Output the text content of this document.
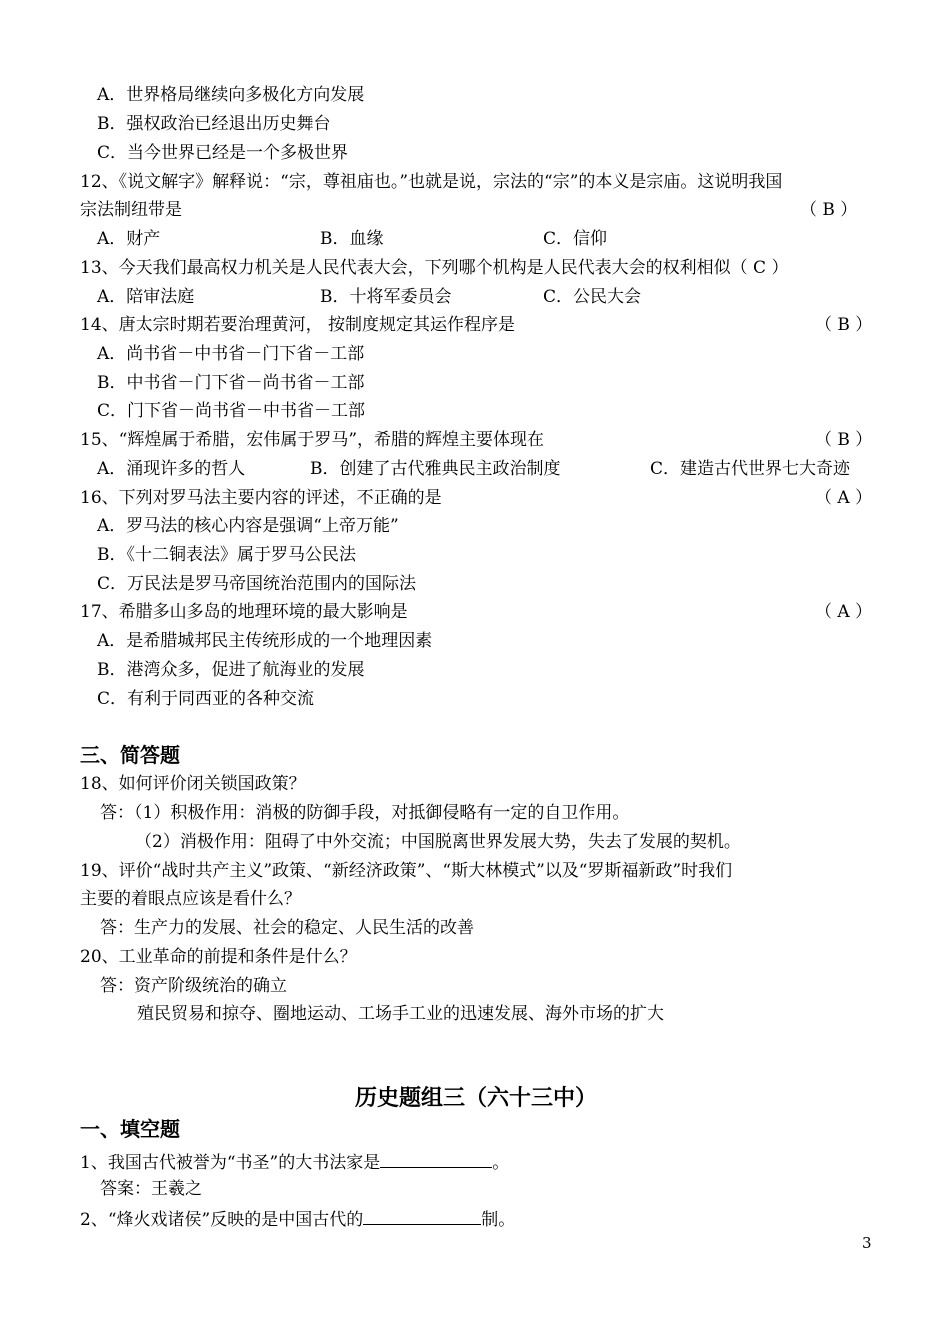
A．世界格局继续向多极化方向发展
B．强权政治已经退出历史舞台
C．当今世界已经是一个多极世界
12、《说文解字》解释说：“宗，尊祖庙也。”也就是说，宗法的“宗”的本义是宗庙。这说明我国
宗法制纽带是	（ B ）
A．财产	B．血缘	C．信仰
13、今天我们最高权力机关是人民代表大会，下列哪个机构是人民代表大会的权利相似（ C ）
A．陪审法庭	B．十将军委员会	C．公民大会
14、唐太宗时期若要治理黄河， 按制度规定其运作程序是	（ B ）
A．尚书省－中书省－门下省－工部
B．中书省－门下省－尚书省－工部
C．门下省－尚书省－中书省－工部
15、“辉煌属于希腊，宏伟属于罗马”，希腊的辉煌主要体现在	（ B ）
A．涌现许多的哲人	B．创建了古代雅典民主政治制度	C．建造古代世界七大奇迹
16、下列对罗马法主要内容的评述，不正确的是	（ A ）
A．罗马法的核心内容是强调“上帝万能”
B．《十二铜表法》属于罗马公民法
C．万民法是罗马帝国统治范围内的国际法
17、希腊多山多岛的地理环境的最大影响是	（ A ）
A．是希腊城邦民主传统形成的一个地理因素
B．港湾众多，促进了航海业的发展
C．有利于同西亚的各种交流
三、简答题
18、如何评价闭关锁国政策？
答：（1）积极作用：消极的防御手段，对抵御侵略有一定的自卫作用。
（2）消极作用：阻碍了中外交流；中国脱离世界发展大势，失去了发展的契机。
19、评价“战时共产主义”政策、“新经济政策”、“斯大林模式”以及“罗斯福新政”时我们
主要的着眼点应该是看什么？
答：生产力的发展、社会的稳定、人民生活的改善
20、工业革命的前提和条件是什么？
答：资产阶级统治的确立
殖民贸易和掠夺、圈地运动、工场手工业的迅速发展、海外市场的扩大
历史题组三（六十三中）
一、填空题
1、我国古代被誉为“书圣”的大书法家是	。
答案：王羲之
2、“烽火戏诸侯”反映的是中国古代的	制。
3
